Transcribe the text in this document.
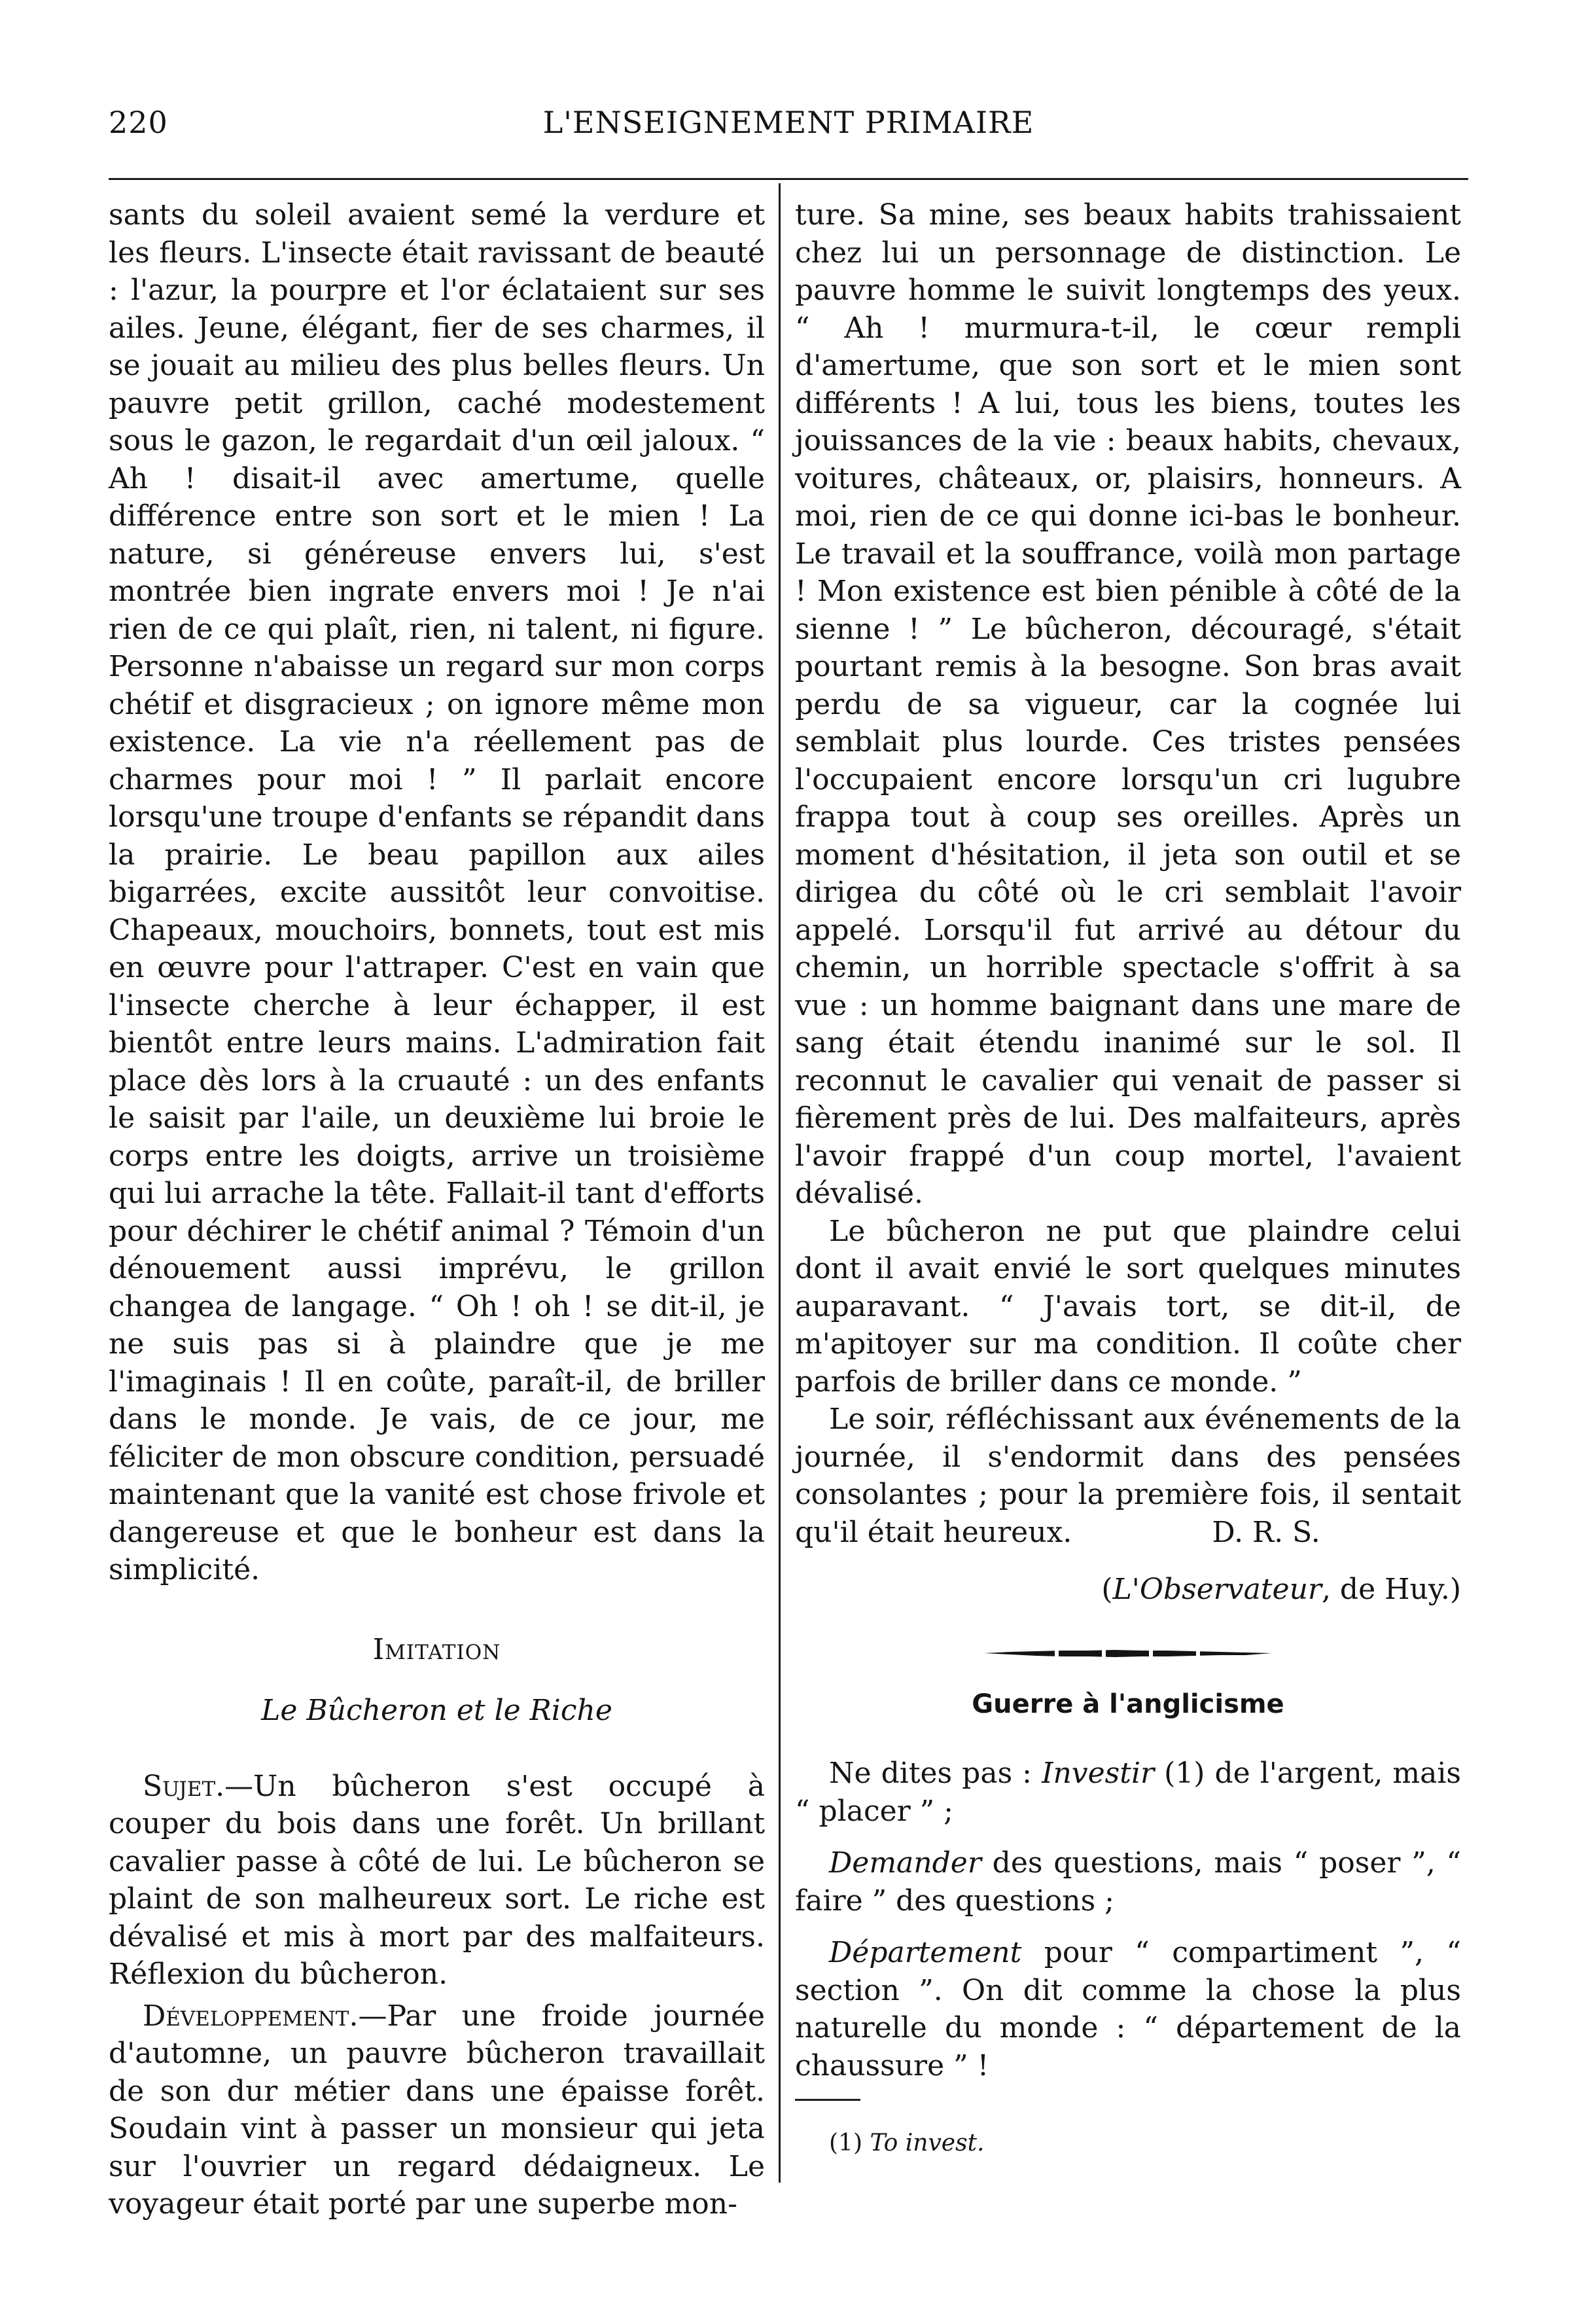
220	L'ENSEIGNEMENT PRIMAIRE

sants du soleil avaient semé la verdure et les fleurs. L'insecte était ravissant de beauté : l'azur, la pourpre et l'or éclataient sur ses ailes. Jeune, élégant, fier de ses charmes, il se jouait au milieu des plus belles fleurs. Un pauvre petit grillon, caché modestement sous le gazon, le regardait d'un œil jaloux. “ Ah ! disait-il avec amertume, quelle différence entre son sort et le mien ! La nature, si généreuse envers lui, s'est montrée bien ingrate envers moi ! Je n'ai rien de ce qui plaît, rien, ni talent, ni figure. Personne n'abaisse un regard sur mon corps chétif et disgracieux ; on ignore même mon existence. La vie n'a réellement pas de charmes pour moi ! ” Il parlait encore lorsqu'une troupe d'enfants se répandit dans la prairie. Le beau papillon aux ailes bigarrées, excite aussitôt leur convoitise. Chapeaux, mouchoirs, bonnets, tout est mis en œuvre pour l'attraper. C'est en vain que l'insecte cherche à leur échapper, il est bientôt entre leurs mains. L'admiration fait place dès lors à la cruauté : un des enfants le saisit par l'aile, un deuxième lui broie le corps entre les doigts, arrive un troisième qui lui arrache la tête. Fallait-il tant d'efforts pour déchirer le chétif animal ? Témoin d'un dénouement aussi imprévu, le grillon changea de langage. “ Oh ! oh ! se dit-il, je ne suis pas si à plaindre que je me l'imaginais ! Il en coûte, paraît-il, de briller dans le monde. Je vais, de ce jour, me féliciter de mon obscure condition, persuadé maintenant que la vanité est chose frivole et dangereuse et que le bonheur est dans la simplicité.

Imitation

Le Bûcheron et le Riche

Sujet.—Un bûcheron s'est occupé à couper du bois dans une forêt. Un brillant cavalier passe à côté de lui. Le bûcheron se plaint de son malheureux sort. Le riche est dévalisé et mis à mort par des malfaiteurs. Réflexion du bûcheron.

Développement.—Par une froide journée d'automne, un pauvre bûcheron travaillait de son dur métier dans une épaisse forêt. Soudain vint à passer un monsieur qui jeta sur l'ouvrier un regard dédaigneux. Le voyageur était porté par une superbe mon-

ture. Sa mine, ses beaux habits trahissaient chez lui un personnage de distinction. Le pauvre homme le suivit longtemps des yeux. “ Ah ! murmura-t-il, le cœur rempli d'amertume, que son sort et le mien sont différents ! A lui, tous les biens, toutes les jouissances de la vie : beaux habits, chevaux, voitures, châteaux, or, plaisirs, honneurs. A moi, rien de ce qui donne ici-bas le bonheur. Le travail et la souffrance, voilà mon partage ! Mon existence est bien pénible à côté de la sienne ! ” Le bûcheron, découragé, s'était pourtant remis à la besogne. Son bras avait perdu de sa vigueur, car la cognée lui semblait plus lourde. Ces tristes pensées l'occupaient encore lorsqu'un cri lugubre frappa tout à coup ses oreilles. Après un moment d'hésitation, il jeta son outil et se dirigea du côté où le cri semblait l'avoir appelé. Lorsqu'il fut arrivé au détour du chemin, un horrible spectacle s'offrit à sa vue : un homme baignant dans une mare de sang était étendu inanimé sur le sol. Il reconnut le cavalier qui venait de passer si fièrement près de lui. Des malfaiteurs, après l'avoir frappé d'un coup mortel, l'avaient dévalisé.

Le bûcheron ne put que plaindre celui dont il avait envié le sort quelques minutes auparavant. “ J'avais tort, se dit-il, de m'apitoyer sur ma condition. Il coûte cher parfois de briller dans ce monde. ”

Le soir, réfléchissant aux événements de la journée, il s'endormit dans des pensées consolantes ; pour la première fois, il sentait qu'il était heureux.	D. R. S.

(L'Observateur, de Huy.)

Guerre à l'anglicisme

Ne dites pas : Investir (1) de l'argent, mais “ placer ” ;

Demander des questions, mais “ poser ”, “ faire ” des questions ;

Département pour “ compartiment ”, “ section ”. On dit comme la chose la plus naturelle du monde : “ département de la chaussure ” !

(1) To invest.
